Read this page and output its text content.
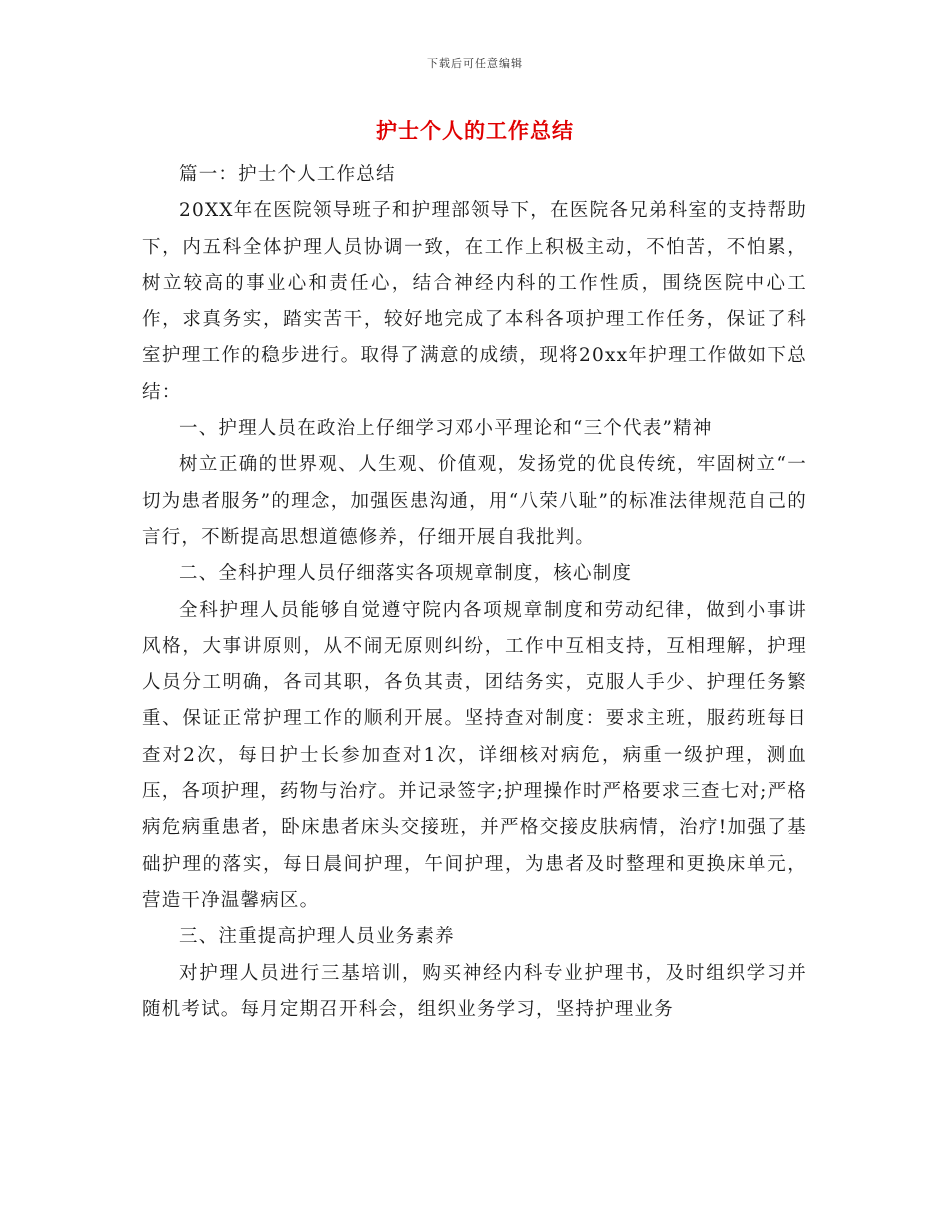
下载后可任意编辑
护士个人的工作总结

篇一：护士个人工作总结

20XX年在医院领导班子和护理部领导下，在医院各兄弟科室的支持帮助下，内五科全体护理人员协调一致，在工作上积极主动，不怕苦，不怕累，树立较高的事业心和责任心，结合神经内科的工作性质，围绕医院中心工作，求真务实，踏实苦干，较好地完成了本科各项护理工作任务，保证了科室护理工作的稳步进行。取得了满意的成绩，现将20xx年护理工作做如下总结：

一、护理人员在政治上仔细学习邓小平理论和“三个代表”精神

树立正确的世界观、人生观、价值观，发扬党的优良传统，牢固树立“一切为患者服务”的理念，加强医患沟通，用“八荣八耻”的标准法律规范自己的言行，不断提高思想道德修养，仔细开展自我批判。

二、全科护理人员仔细落实各项规章制度，核心制度

全科护理人员能够自觉遵守院内各项规章制度和劳动纪律，做到小事讲风格，大事讲原则，从不闹无原则纠纷，工作中互相支持，互相理解，护理人员分工明确，各司其职，各负其责，团结务实，克服人手少、护理任务繁重、保证正常护理工作的顺利开展。坚持查对制度：要求主班，服药班每日查对2次，每日护士长参加查对1次，详细核对病危，病重一级护理，测血压，各项护理，药物与治疗。并记录签字;护理操作时严格要求三查七对;严格病危病重患者，卧床患者床头交接班，并严格交接皮肤病情，治疗!加强了基础护理的落实，每日晨间护理，午间护理，为患者及时整理和更换床单元，营造干净温馨病区。

三、注重提高护理人员业务素养

对护理人员进行三基培训，购买神经内科专业护理书，及时组织学习并随机考试。每月定期召开科会，组织业务学习，坚持护理业务
